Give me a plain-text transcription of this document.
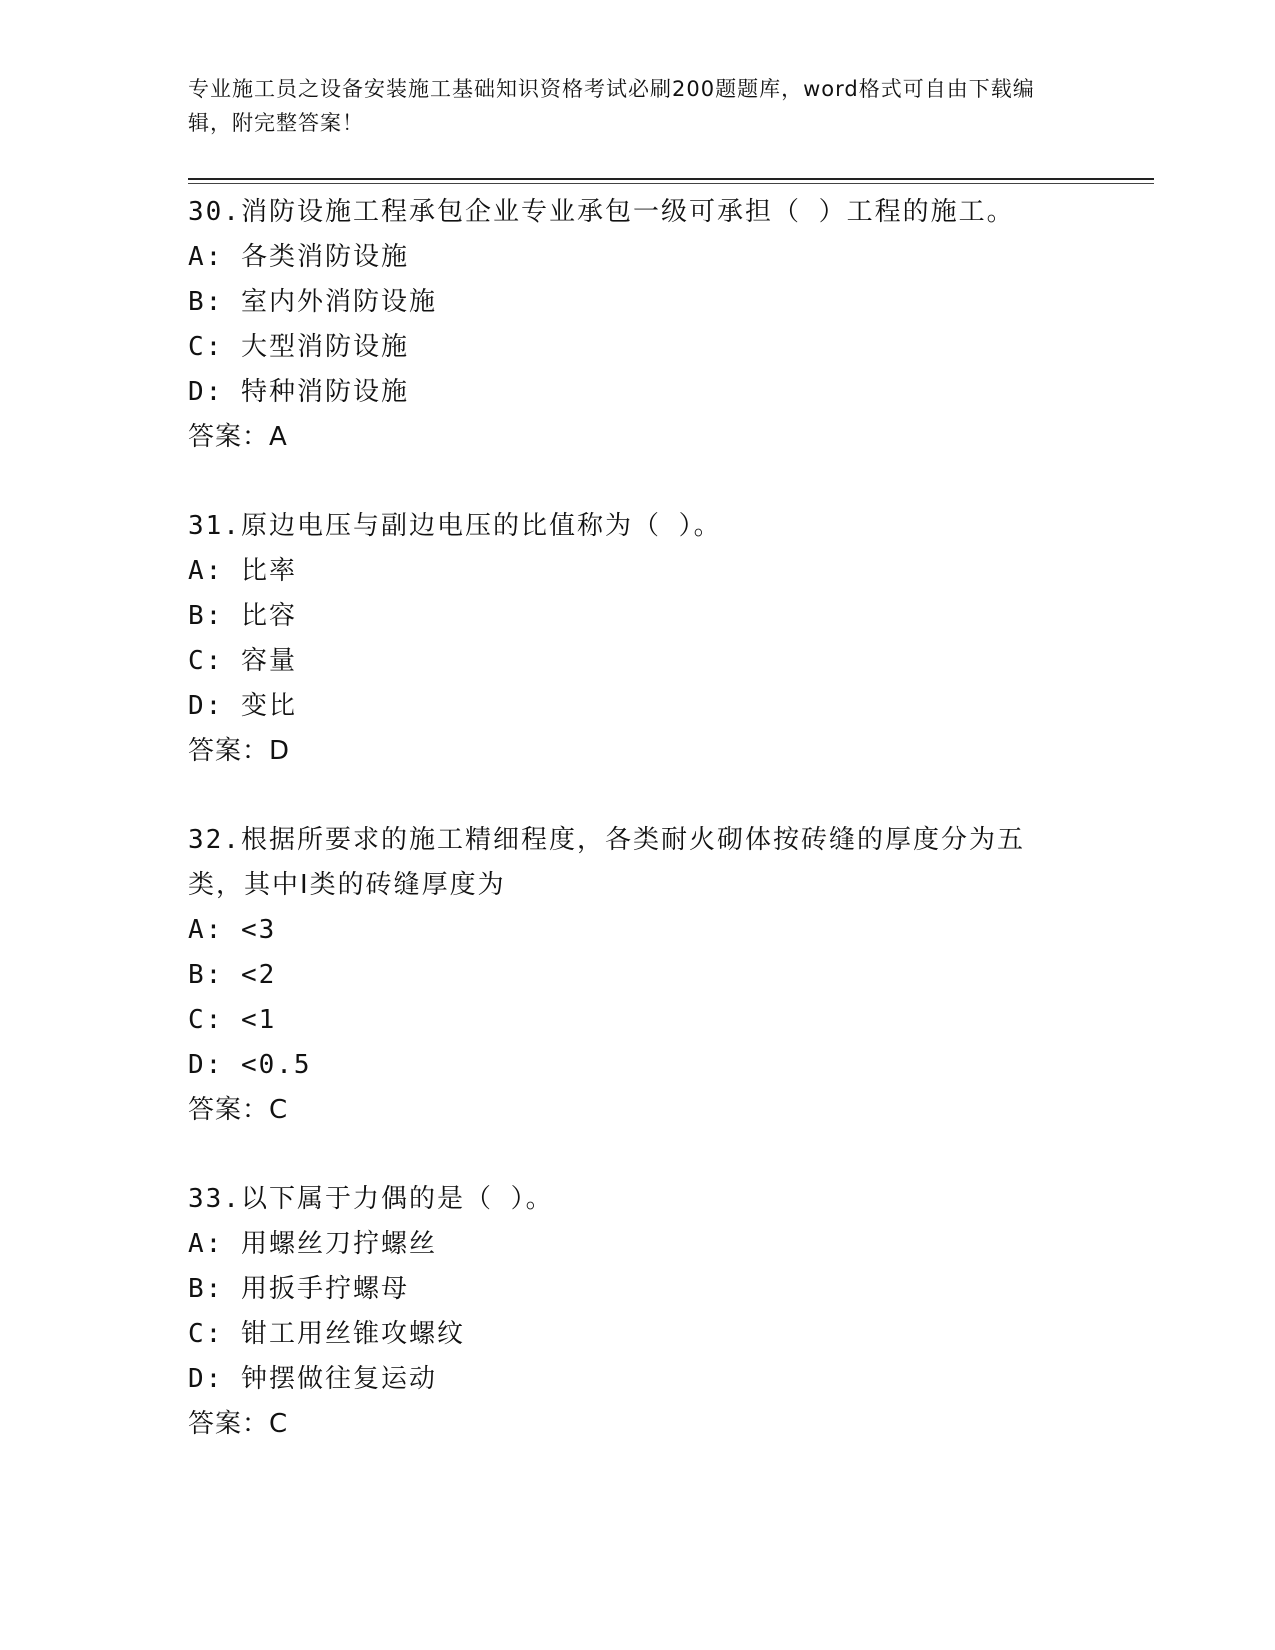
专业施工员之设备安装施工基础知识资格考试必刷200题题库，word格式可自由下载编辑，附完整答案！
30.消防设施工程承包企业专业承包一级可承担（ ）工程的施工。
A: 各类消防设施
B: 室内外消防设施
C: 大型消防设施
D: 特种消防设施
答案：A
31.原边电压与副边电压的比值称为（ ）。
A: 比率
B: 比容
C: 容量
D: 变比
答案：D
32.根据所要求的施工精细程度，各类耐火砌体按砖缝的厚度分为五类，其中Ⅰ类的砖缝厚度为
A: <3
B: <2
C: <1
D: <0.5
答案：C
33.以下属于力偶的是（ ）。
A: 用螺丝刀拧螺丝
B: 用扳手拧螺母
C: 钳工用丝锥攻螺纹
D: 钟摆做往复运动
答案：C
